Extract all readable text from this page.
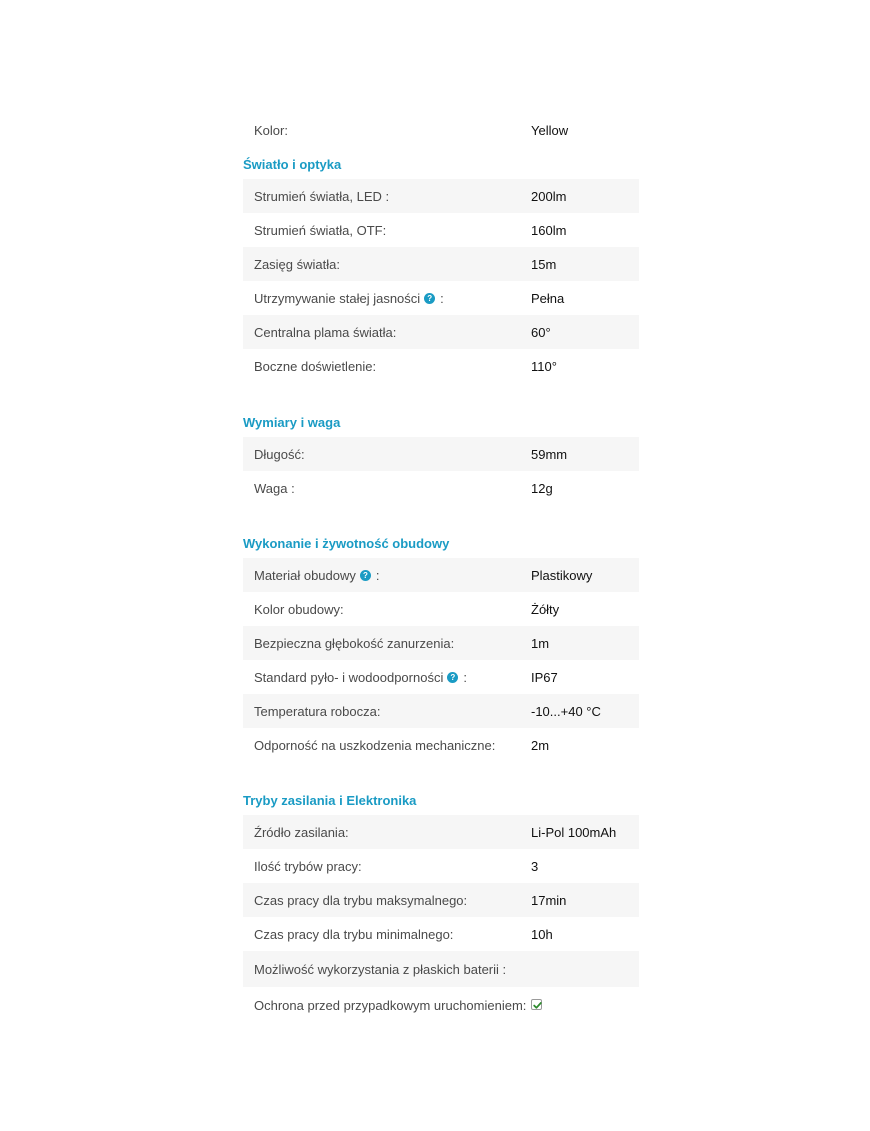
Kolor:	Yellow
Światło i optyka
Strumień światła, LED :	200lm
Strumień światła, OTF:	160lm
Zasięg światła:	15m
Utrzymywanie stałej jasności ? :	Pełna
Centralna plama światła:	60°
Boczne doświetlenie:	110°
Wymiary i waga
Długość:	59mm
Waga :	12g
Wykonanie i żywotność obudowy
Materiał obudowy ? :	Plastikowy
Kolor obudowy:	Żółty
Bezpieczna głębokość zanurzenia:	1m
Standard pyło- i wodoodporności ? :	IP67
Temperatura robocza:	-10...+40 °C
Odporność na uszkodzenia mechaniczne:	2m
Tryby zasilania i Elektronika
Źródło zasilania:	Li-Pol 100mAh
Ilość trybów pracy:	3
Czas pracy dla trybu maksymalnego:	17min
Czas pracy dla trybu minimalnego:	10h
Możliwość wykorzystania z płaskich baterii :
Ochrona przed przypadkowym uruchomieniem:
